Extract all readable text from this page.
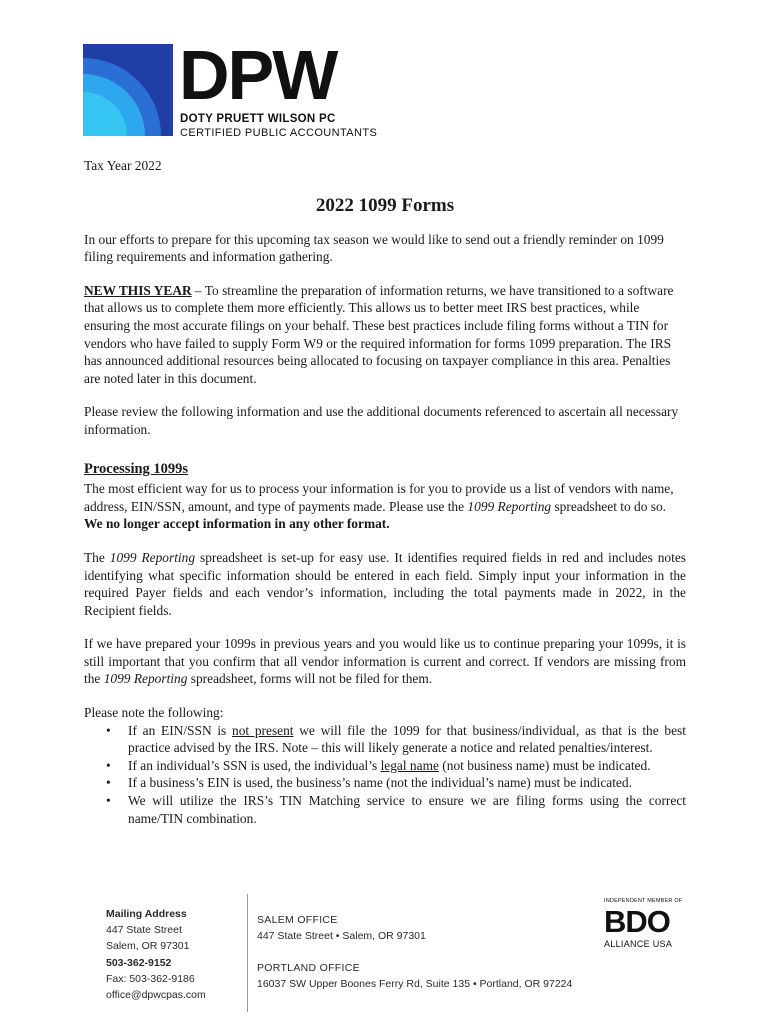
DPW
DOTY PRUETT WILSON PC
CERTIFIED PUBLIC ACCOUNTANTS
Tax Year 2022
2022 1099 Forms
In our efforts to prepare for this upcoming tax season we would like to send out a friendly reminder on 1099 filing requirements and information gathering.
NEW THIS YEAR – To streamline the preparation of information returns, we have transitioned to a software that allows us to complete them more efficiently. This allows us to better meet IRS best practices, while ensuring the most accurate filings on your behalf. These best practices include filing forms without a TIN for vendors who have failed to supply Form W9 or the required information for forms 1099 preparation. The IRS has announced additional resources being allocated to focusing on taxpayer compliance in this area. Penalties are noted later in this document.
Please review the following information and use the additional documents referenced to ascertain all necessary information.
Processing 1099s
The most efficient way for us to process your information is for you to provide us a list of vendors with name, address, EIN/SSN, amount, and type of payments made. Please use the 1099 Reporting spreadsheet to do so. We no longer accept information in any other format.
The 1099 Reporting spreadsheet is set-up for easy use. It identifies required fields in red and includes notes identifying what specific information should be entered in each field. Simply input your information in the required Payer fields and each vendor’s information, including the total payments made in 2022, in the Recipient fields.
If we have prepared your 1099s in previous years and you would like us to continue preparing your 1099s, it is still important that you confirm that all vendor information is current and correct. If vendors are missing from the 1099 Reporting spreadsheet, forms will not be filed for them.
Please note the following:
• If an EIN/SSN is not present we will file the 1099 for that business/individual, as that is the best practice advised by the IRS. Note – this will likely generate a notice and related penalties/interest.
• If an individual’s SSN is used, the individual’s legal name (not business name) must be indicated.
• If a business’s EIN is used, the business’s name (not the individual’s name) must be indicated.
• We will utilize the IRS’s TIN Matching service to ensure we are filing forms using the correct name/TIN combination.
Mailing Address
447 State Street
Salem, OR 97301
503-362-9152
Fax: 503-362-9186
office@dpwcpas.com
SALEM OFFICE
447 State Street • Salem, OR 97301
PORTLAND OFFICE
16037 SW Upper Boones Ferry Rd, Suite 135 • Portland, OR 97224
INDEPENDENT MEMBER OF
BDO
ALLIANCE USA
